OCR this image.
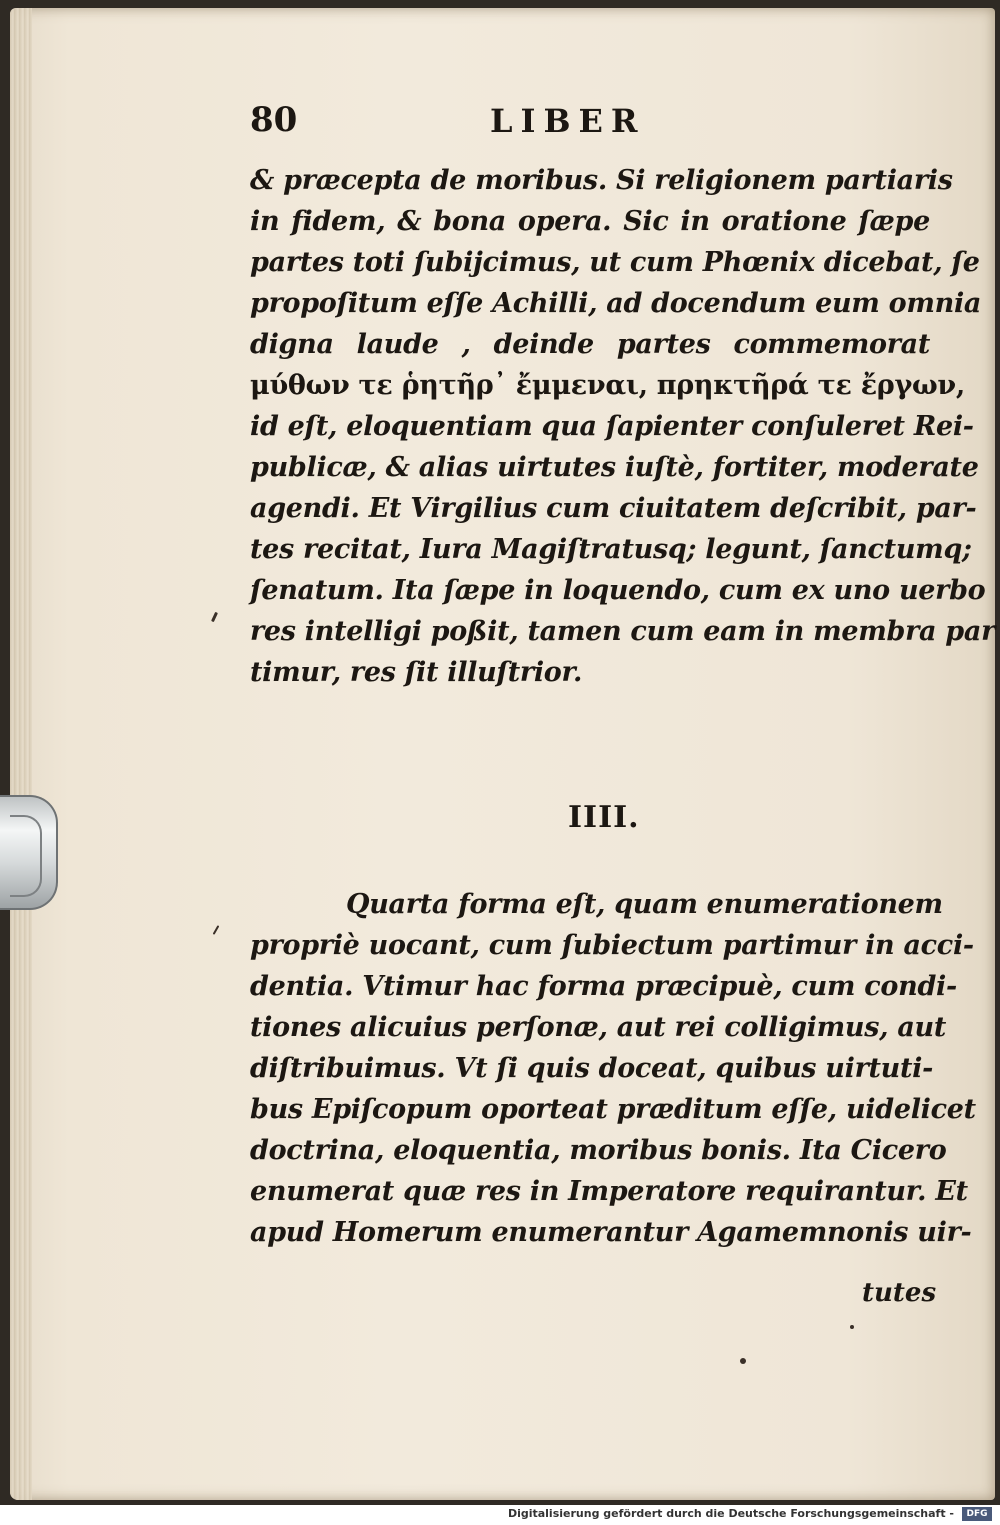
80	LIBER
& præcepta de moribus. Si religionem partiaris
in fidem, & bona opera. Sic in oratione ſæpe
partes toti ſubijcimus, ut cum Phœnix dicebat, ſe
propoſitum eſſe Achilli, ad docendum eum omnia
digna laude , deinde partes commemorat
μύθων τε ῥητῆρ᾽ ἔμμεναι, πρηκτῆρά τε ἔργων,
id eſt, eloquentiam qua ſapienter conſuleret Rei-
publicæ, & alias uirtutes iuſtè, fortiter, moderate
agendi. Et Virgilius cum ciuitatem deſcribit, par-
tes recitat, Iura Magiſtratusq; legunt, ſanctumq;
ſenatum. Ita ſæpe in loquendo, cum ex uno uerbo
res intelligi poßit, tamen cum eam in membra par
timur, res ſit illuſtrior.
IIII.
Quarta forma eſt, quam enumerationem
propriè uocant, cum ſubiectum partimur in acci-
dentia. Vtimur hac forma præcipuè, cum condi-
tiones alicuius perſonæ, aut rei colligimus, aut
diſtribuimus. Vt ſi quis doceat, quibus uirtuti-
bus Epiſcopum oporteat præditum eſſe, uidelicet
doctrina, eloquentia, moribus bonis. Ita Cicero
enumerat quæ res in Imperatore requirantur. Et
apud Homerum enumerantur Agamemnonis uir-
tutes
Digitalisierung gefördert durch die Deutsche Forschungsgemeinschaft -	DFG
